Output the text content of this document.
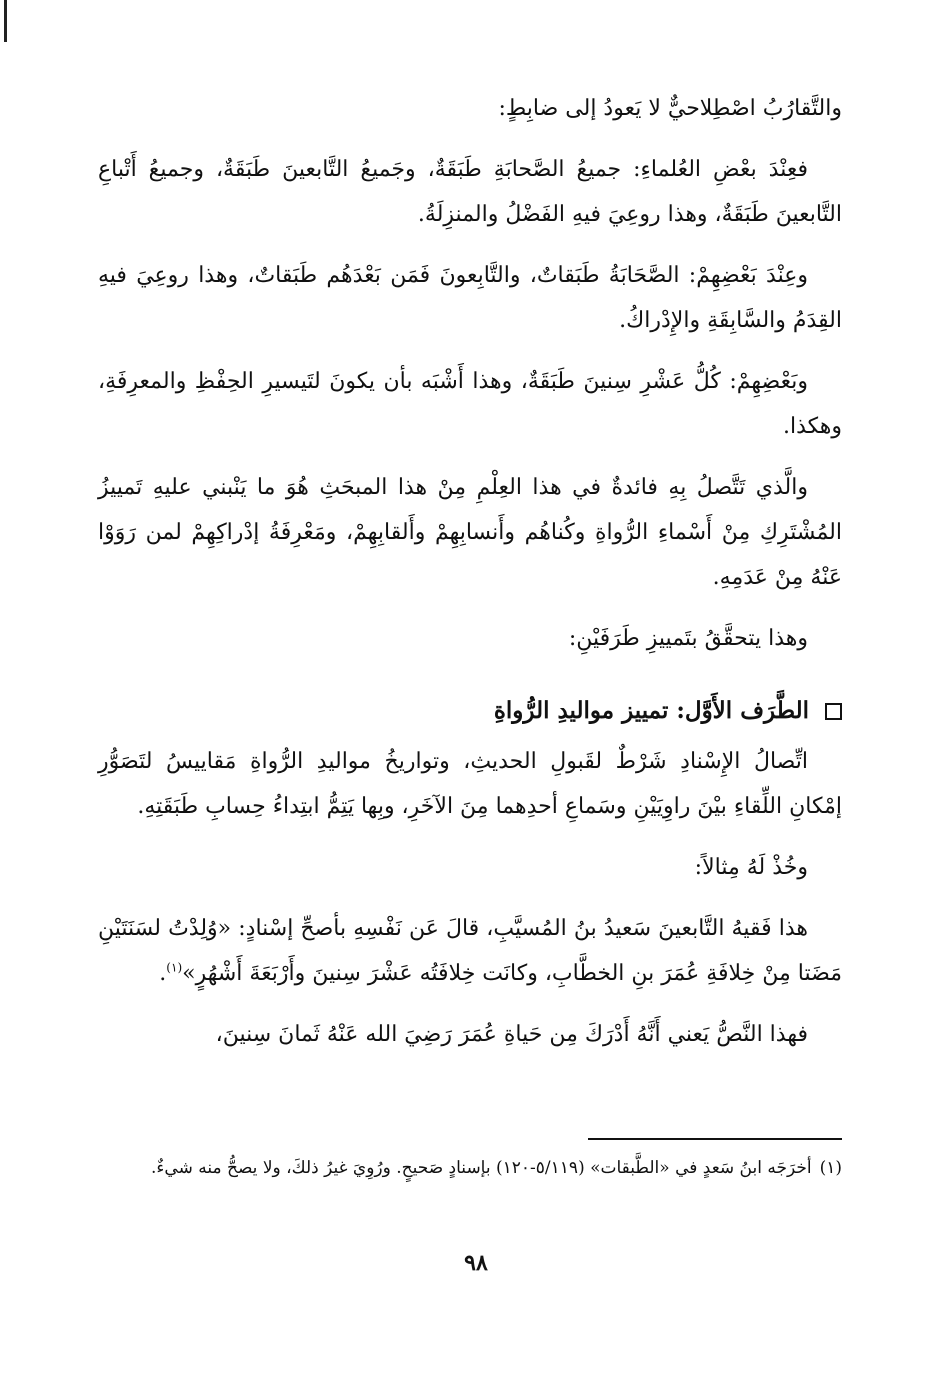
والتَّقارُبُ اصْطِلاحيٌّ لا يَعودُ إلى ضابِطٍ:

فعِنْدَ بعْضِ العُلماءِ: جميعُ الصَّحابَةِ طَبَقَةٌ، وجَميعُ التَّابعينَ طَبَقَةٌ، وجميعُ أَتْباعِ التَّابعينَ طَبَقَةٌ، وهذا روعِيَ فيهِ الفَضْلُ والمنزِلَةُ.

وعِنْدَ بَعْضِهِمْ: الصَّحَابَةُ طَبَقاتٌ، والتَّابِعونَ فَمَن بَعْدَهُم طَبَقاتٌ، وهذا روعِيَ فيهِ القِدَمُ والسَّابِقَةِ والإِدْراكُ.

وبَعْضِهِمْ: كُلُّ عَشْرِ سِنينَ طَبَقَةٌ، وهذا أَشْبَه بأن يكونَ لتَيسيرِ الحِفْظِ والمعرِفَةِ، وهكذا.

والَّذي تَتَّصلُ بِهِ فائدةٌ في هذا العِلْمِ مِنْ هذا المبحَثِ هُوَ ما يَنْبني عليهِ تَمييزُ المُشْتَرِكِ مِنْ أَسْماءِ الرُّواةِ وكُناهُم وأَنسابِهِمْ وأَلقابِهِمْ، ومَعْرِفَةُ إدْراكِهِمْ لمن رَوَوْا عَنْهُ مِنْ عَدَمِهِ.

وهذا يتحقَّقُ بتَمييزِ طَرَفَيْنِ:

الطَّرَف الأَوَّل: تمييز مواليدِ الرُّواةِ

اتِّصالُ الإِسْنادِ شَرْطٌ لقَبولِ الحديثِ، وتواريخُ مواليدِ الرُّواةِ مَقاييسُ لتَصَوُّرِ إمْكانِ اللِّقاءِ بيْنَ راوِيَيْنِ وسَماعِ أحدِهما مِنَ الآخَرِ، وبِها يَتِمُّ ابتِداءُ حِسابِ طَبَقَتِهِ.

وخُذْ لَهُ مِثالاً:

هذا فَقيهُ التَّابعينَ سَعيدُ بنُ المُسيَّبِ، قالَ عَن نَفْسِهِ بأصحِّ إسْنادٍ: «وُلِدْتُ لسَنَتَيْنِ مَضَتا مِنْ خِلافَةِ عُمَرَ بنِ الخطَّابِ، وكانَت خِلافَتُه عَشْرَ سِنينَ وأَرْبَعَةَ أَشْهُرٍ»$^{(١)}$.

فهذا النَّصُّ يَعني أَنَّهُ أَدْرَكَ مِن حَياةِ عُمَرَ رَضِيَ الله عَنْهُ ثَمانَ سِنينَ،

(١)أخرَجَه ابنُ سَعدٍ في «الطَّبقات» (٥/١١٩-١٢٠) بإسنادٍ صَحيحٍ. ورُوِيَ غيرُ ذلكَ، ولا يصحُّ منه شيءٌ.
٩٨
